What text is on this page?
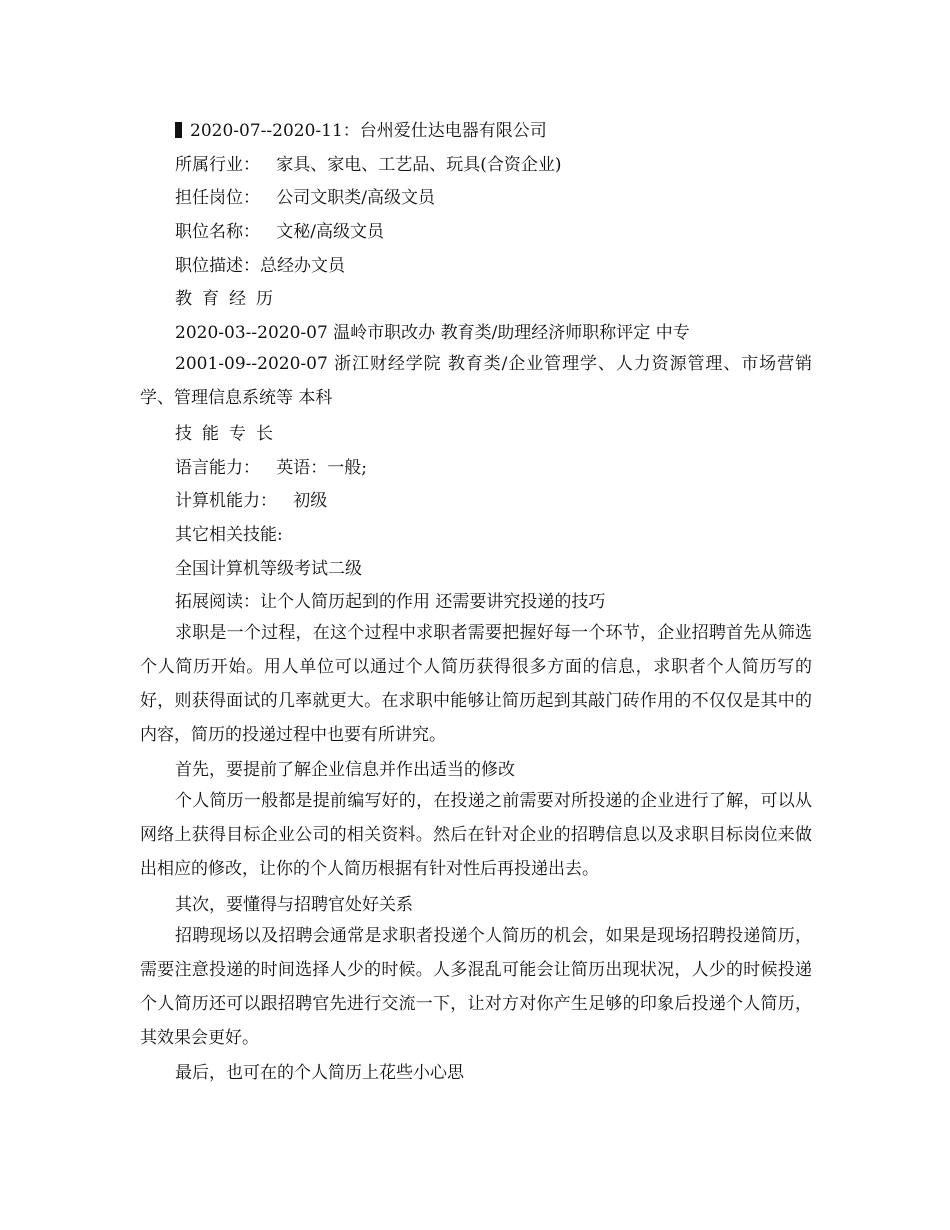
2020-07--2020-11：台州爱仕达电器有限公司
所属行业：   家具、家电、工艺品、玩具(合资企业)
担任岗位：   公司文职类/高级文员
职位名称：   文秘/高级文员
职位描述：总经办文员
教育经历
2020-03--2020-07 温岭市职改办 教育类/助理经济师职称评定 中专
2001-09--2020-07 浙江财经学院 教育类/企业管理学、人力资源管理、市场营销学、管理信息系统等 本科
技能专长
语言能力：   英语：一般;
计算机能力：   初级
其它相关技能:
全国计算机等级考试二级
拓展阅读：让个人简历起到的作用 还需要讲究投递的技巧
求职是一个过程，在这个过程中求职者需要把握好每一个环节，企业招聘首先从筛选个人简历开始。用人单位可以通过个人简历获得很多方面的信息，求职者个人简历写的好，则获得面试的几率就更大。在求职中能够让简历起到其敲门砖作用的不仅仅是其中的内容，简历的投递过程中也要有所讲究。
首先，要提前了解企业信息并作出适当的修改
个人简历一般都是提前编写好的，在投递之前需要对所投递的企业进行了解，可以从网络上获得目标企业公司的相关资料。然后在针对企业的招聘信息以及求职目标岗位来做出相应的修改，让你的个人简历根据有针对性后再投递出去。
其次，要懂得与招聘官处好关系
招聘现场以及招聘会通常是求职者投递个人简历的机会，如果是现场招聘投递简历，需要注意投递的时间选择人少的时候。人多混乱可能会让简历出现状况，人少的时候投递个人简历还可以跟招聘官先进行交流一下，让对方对你产生足够的印象后投递个人简历，其效果会更好。
最后，也可在的个人简历上花些小心思
